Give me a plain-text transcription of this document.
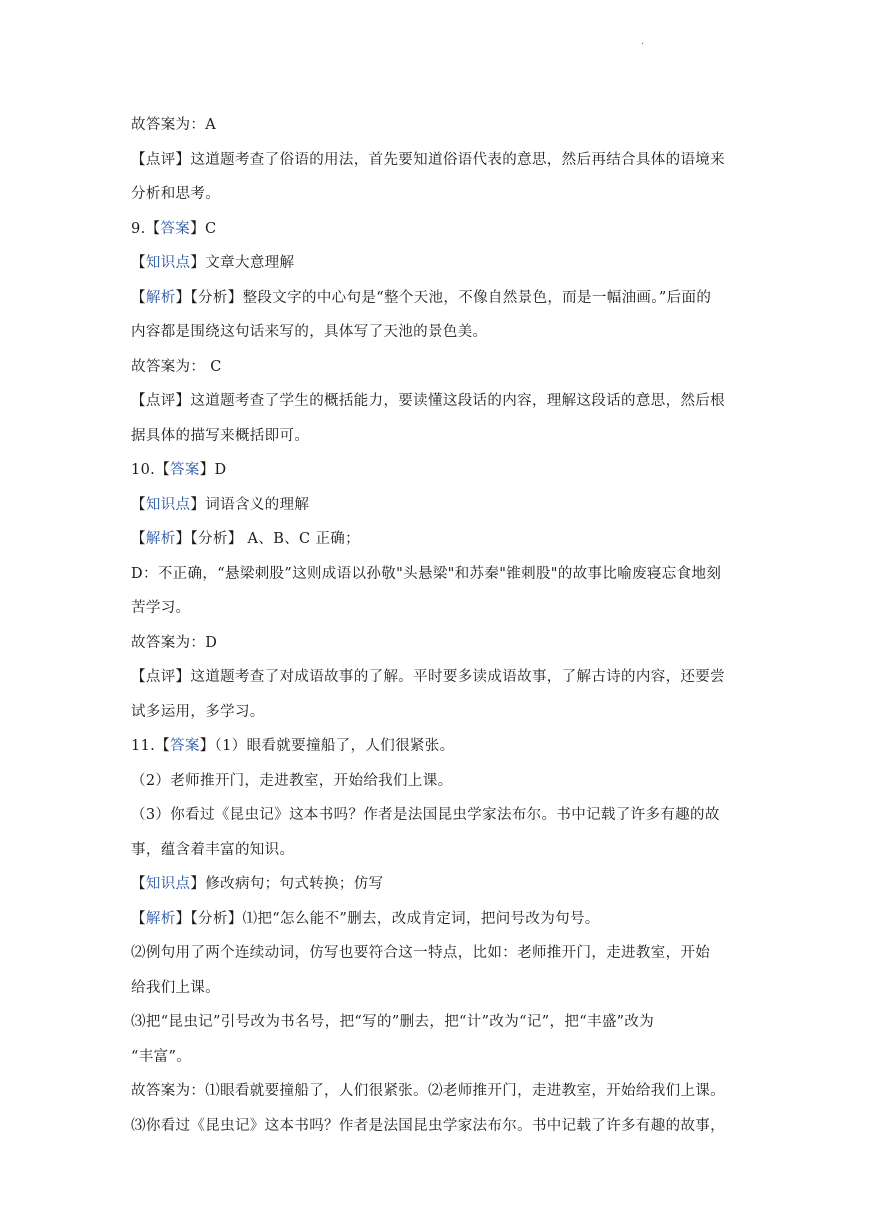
.
故答案为：A
【点评】这道题考查了俗语的用法，首先要知道俗语代表的意思，然后再结合具体的语境来
分析和思考。
9.【答案】C
【知识点】文章大意理解
【解析】【分析】整段文字的中心句是“整个天池，不像自然景色，而是一幅油画。”后面的
内容都是围绕这句话来写的，具体写了天池的景色美。
故答案为： C
【点评】这道题考查了学生的概括能力，要读懂这段话的内容，理解这段话的意思，然后根
据具体的描写来概括即可。
10.【答案】D
【知识点】词语含义的理解
【解析】【分析】 A、B、C 正确；
D：不正确，“悬梁刺股”这则成语以孙敬"头悬梁"和苏秦"锥刺股"的故事比喻废寝忘食地刻
苦学习。
故答案为：D
【点评】这道题考查了对成语故事的了解。平时要多读成语故事，了解古诗的内容，还要尝
试多运用，多学习。
11.【答案】（1）眼看就要撞船了，人们很紧张。
（2）老师推开门，走进教室，开始给我们上课。
（3）你看过《昆虫记》这本书吗？作者是法国昆虫学家法布尔。书中记载了许多有趣的故
事，蕴含着丰富的知识。
【知识点】修改病句；句式转换；仿写
【解析】【分析】⑴把“怎么能不”删去，改成肯定词，把问号改为句号。
⑵例句用了两个连续动词，仿写也要符合这一特点，比如：老师推开门，走进教室，开始
给我们上课。
⑶把“昆虫记”引号改为书名号，把“写的”删去，把“计”改为“记”，把“丰盛”改为
“丰富”。
故答案为：⑴眼看就要撞船了，人们很紧张。⑵老师推开门，走进教室，开始给我们上课。
⑶你看过《昆虫记》这本书吗？作者是法国昆虫学家法布尔。书中记载了许多有趣的故事，
